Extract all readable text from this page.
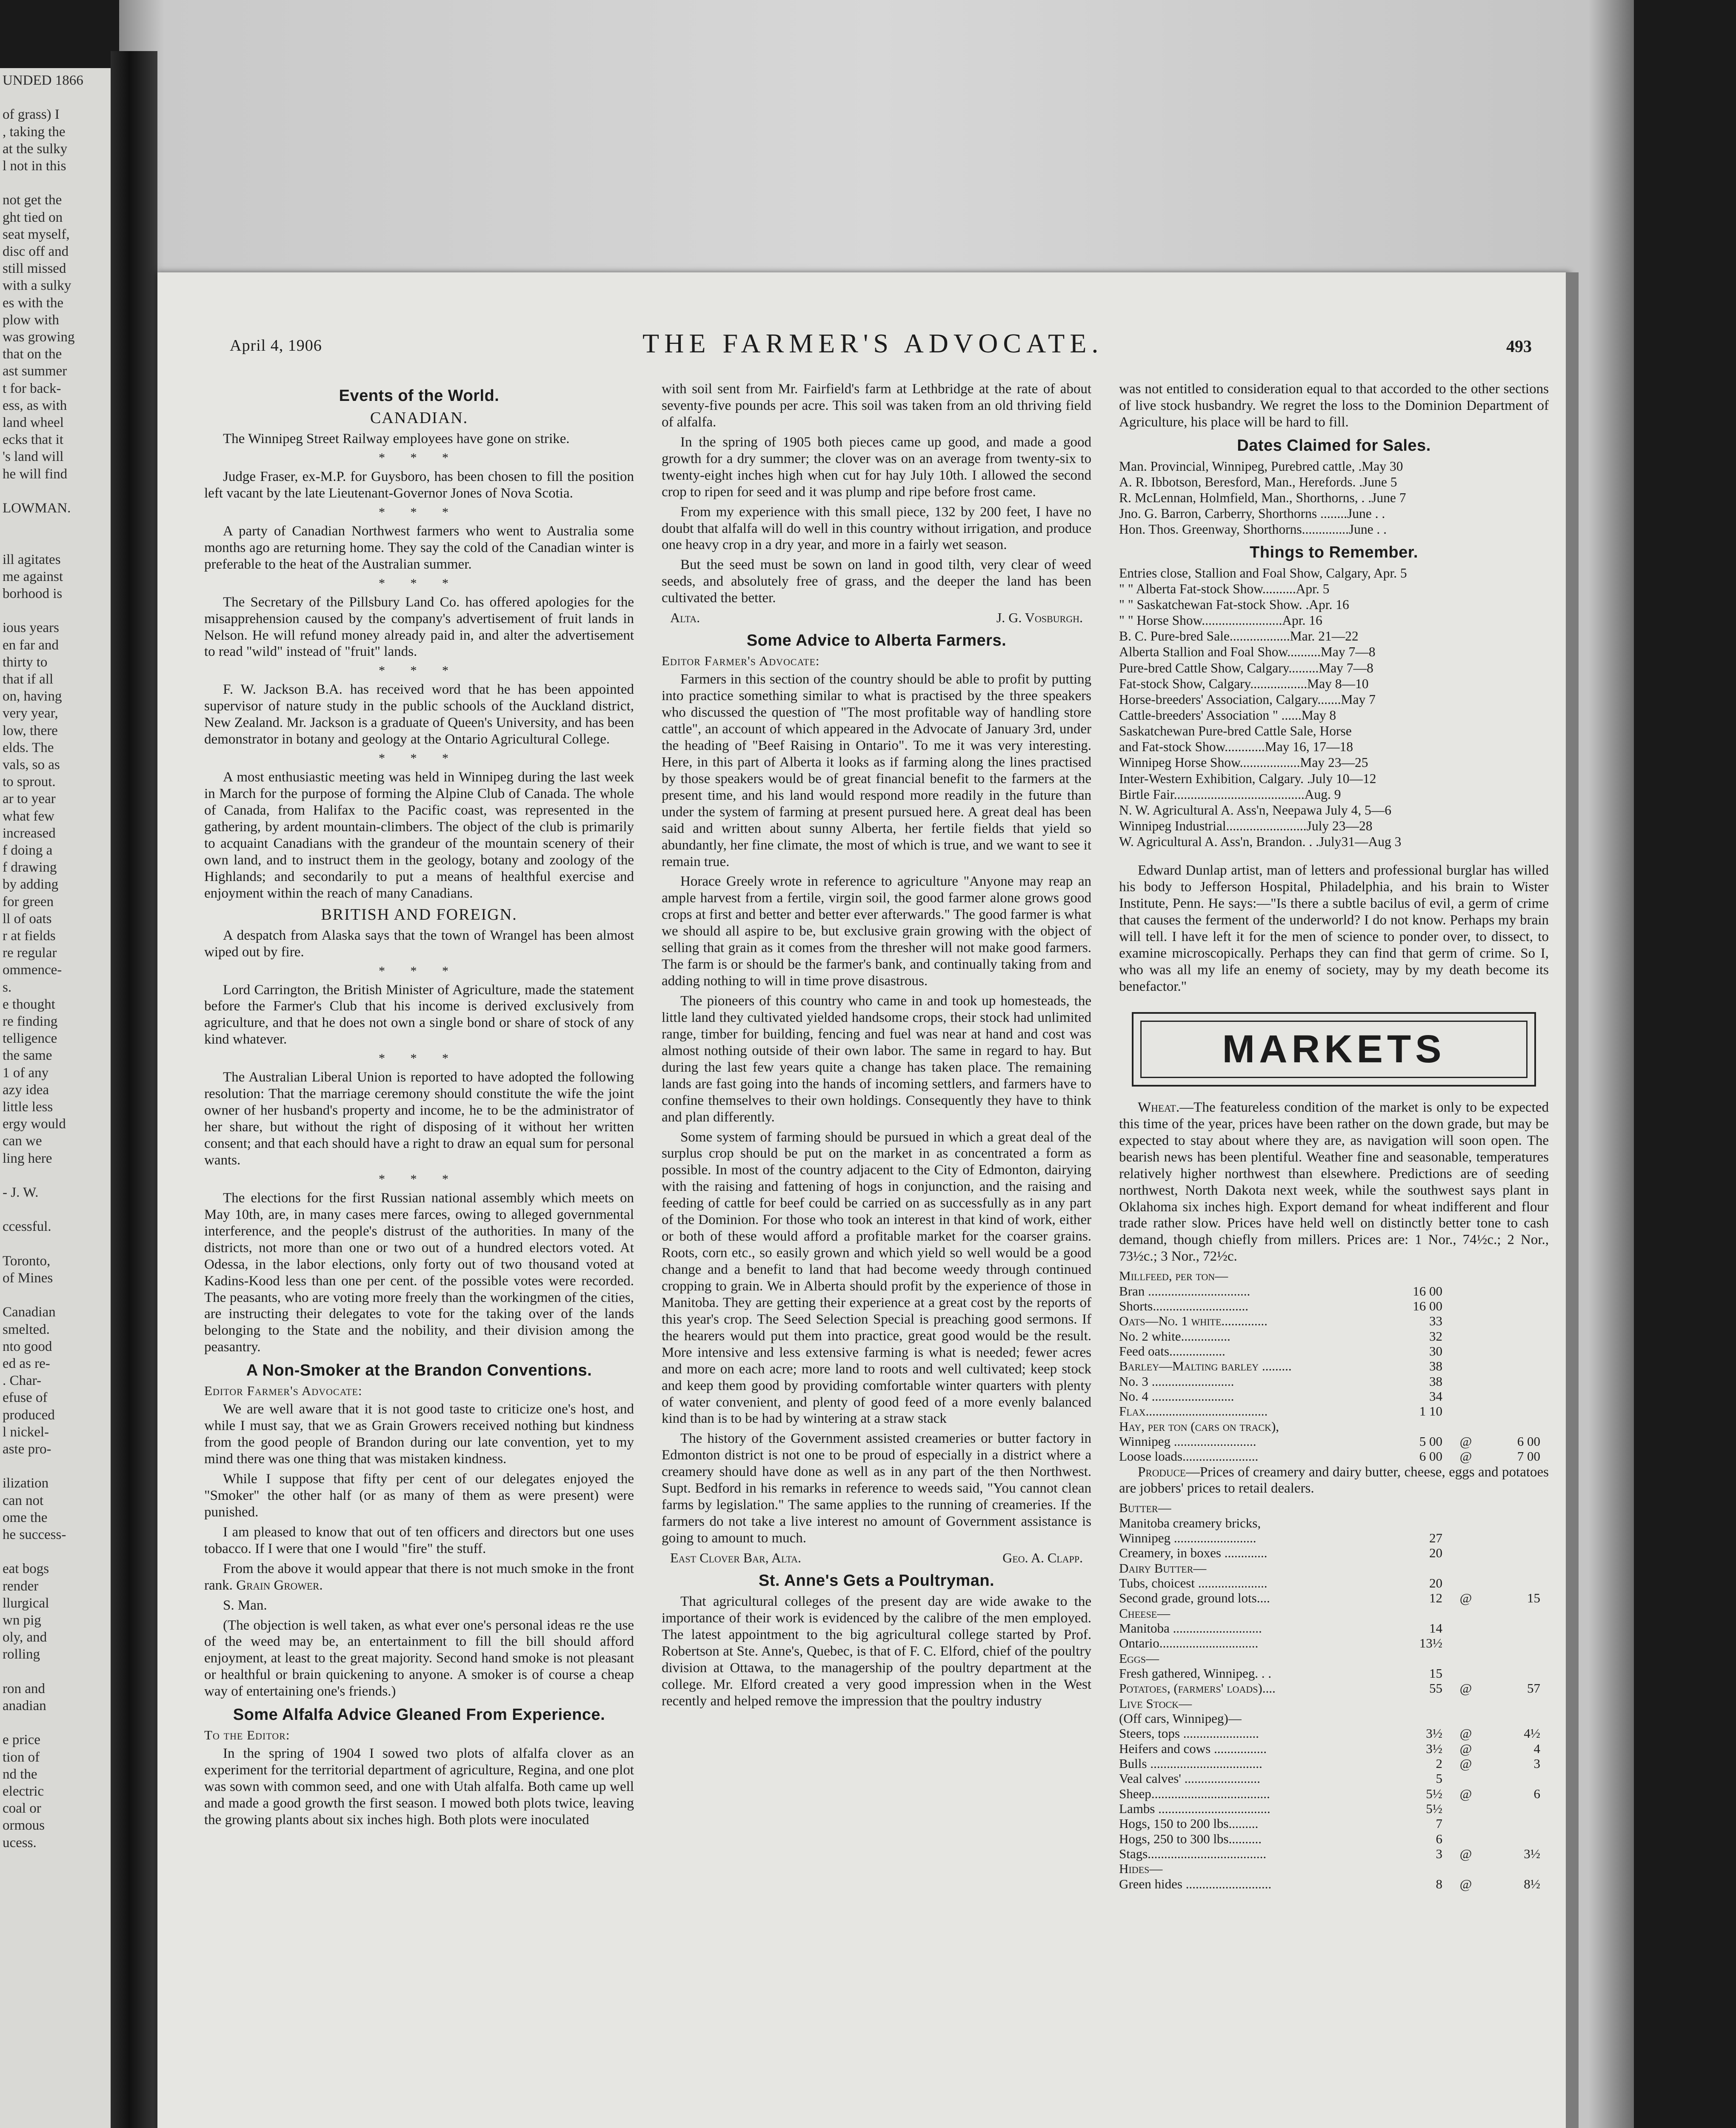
UNDED 1866
of grass) I
, taking the
at the sulky
l not in this
not get the
ght tied on
seat myself,
disc off and
still missed
with a sulky
es with the
plow with
was growing
that on the
ast summer
t for back-
ess, as with
land wheel
ecks that it
's land will
he will find
LOWMAN.
ill agitates
me against
borhood is
ious years
en far and
thirty to
that if all
on, having
very year,
low, there
elds. The
vals, so as
to sprout.
ar to year
what few
increased
f doing a
f drawing
by adding
for green
ll of oats
r at fields
re regular
ommence-
s.
e thought
re finding
telligence
the same
1 of any
azy idea
little less
ergy would
can we
ling here
- J. W.
ccessful.
Toronto,
of Mines
Canadian
smelted.
nto good
ed as re-
. Char-
efuse of
produced
l nickel-
aste pro-
ilization
can not
ome the
he success-
eat bogs
render
llurgical
wn pig
oly, and
rolling
ron and
anadian
e price
tion of
nd the
electric
coal or
ormous
ucess.
April 4, 1906	THE FARMER'S ADVOCATE.	493
Events of the World.
CANADIAN.

The Winnipeg Street Railway employees have gone on strike.

* * *

Judge Fraser, ex-M.P. for Guysboro, has been chosen to fill the position left vacant by the late Lieutenant-Governor Jones of Nova Scotia.

* * *

A party of Canadian Northwest farmers who went to Australia some months ago are returning home. They say the cold of the Canadian winter is preferable to the heat of the Australian summer.

* * *

The Secretary of the Pillsbury Land Co. has offered apologies for the misapprehension caused by the company's advertisement of fruit lands in Nelson. He will refund money already paid in, and alter the advertisement to read "wild" instead of "fruit" lands.

* * *

F. W. Jackson B.A. has received word that he has been appointed supervisor of nature study in the public schools of the Auckland district, New Zealand. Mr. Jackson is a graduate of Queen's University, and has been demonstrator in botany and geology at the Ontario Agricultural College.

* * *

A most enthusiastic meeting was held in Winnipeg during the last week in March for the purpose of forming the Alpine Club of Canada. The whole of Canada, from Halifax to the Pacific coast, was represented in the gathering, by ardent mountain-climbers. The object of the club is primarily to acquaint Canadians with the grandeur of the mountain scenery of their own land, and to instruct them in the geology, botany and zoology of the Highlands; and secondarily to put a means of healthful exercise and enjoyment within the reach of many Canadians.

BRITISH AND FOREIGN.

A despatch from Alaska says that the town of Wrangel has been almost wiped out by fire.

* * *

Lord Carrington, the British Minister of Agriculture, made the statement before the Farmer's Club that his income is derived exclusively from agriculture, and that he does not own a single bond or share of stock of any kind whatever.

* * *

The Australian Liberal Union is reported to have adopted the following resolution: That the marriage ceremony should constitute the wife the joint owner of her husband's property and income, he to be the administrator of her share, but without the right of disposing of it without her written consent; and that each should have a right to draw an equal sum for personal wants.

* * *

The elections for the first Russian national assembly which meets on May 10th, are, in many cases mere farces, owing to alleged governmental interference, and the people's distrust of the authorities. In many of the districts, not more than one or two out of a hundred electors voted. At Odessa, in the labor elections, only forty out of two thousand voted at Kadins-Kood less than one per cent. of the possible votes were recorded. The peasants, who are voting more freely than the workingmen of the cities, are instructing their delegates to vote for the taking over of the lands belonging to the State and the nobility, and their division among the peasantry.

A Non-Smoker at the Brandon Conventions.
Editor Farmer's Advocate:

We are well aware that it is not good taste to criticize one's host, and while I must say, that we as Grain Growers received nothing but kindness from the good people of Brandon during our late convention, yet to my mind there was one thing that was mistaken kindness.

While I suppose that fifty per cent of our delegates enjoyed the "Smoker" the other half (or as many of them as were present) were punished.

I am pleased to know that out of ten officers and directors but one uses tobacco. If I were that one I would "fire" the stuff.

From the above it would appear that there is not much smoke in the front rank. Grain Grower.

S. Man.

(The objection is well taken, as what ever one's personal ideas re the use of the weed may be, an entertainment to fill the bill should afford enjoyment, at least to the great majority. Second hand smoke is not pleasant or healthful or brain quickening to anyone. A smoker is of course a cheap way of entertaining one's friends.)

Some Alfalfa Advice Gleaned From Experience.
To the Editor:

In the spring of 1904 I sowed two plots of alfalfa clover as an experiment for the territorial department of agriculture, Regina, and one plot was sown with common seed, and one with Utah alfalfa. Both came up well and made a good growth the first season. I mowed both plots twice, leaving the growing plants about six inches high. Both plots were inoculated

with soil sent from Mr. Fairfield's farm at Lethbridge at the rate of about seventy-five pounds per acre. This soil was taken from an old thriving field of alfalfa.

In the spring of 1905 both pieces came up good, and made a good growth for a dry summer; the clover was on an average from twenty-six to twenty-eight inches high when cut for hay July 10th. I allowed the second crop to ripen for seed and it was plump and ripe before frost came.

From my experience with this small piece, 132 by 200 feet, I have no doubt that alfalfa will do well in this country without irrigation, and produce one heavy crop in a dry year, and more in a fairly wet season.

But the seed must be sown on land in good tilth, very clear of weed seeds, and absolutely free of grass, and the deeper the land has been cultivated the better.

Alta.	J. G. Vosburgh.
Some Advice to Alberta Farmers.
Editor Farmer's Advocate:

Farmers in this section of the country should be able to profit by putting into practice something similar to what is practised by the three speakers who discussed the question of "The most profitable way of handling store cattle", an account of which appeared in the Advocate of January 3rd, under the heading of "Beef Raising in Ontario". To me it was very interesting. Here, in this part of Alberta it looks as if farming along the lines practised by those speakers would be of great financial benefit to the farmers at the present time, and his land would respond more readily in the future than under the system of farming at present pursued here. A great deal has been said and written about sunny Alberta, her fertile fields that yield so abundantly, her fine climate, the most of which is true, and we want to see it remain true.

Horace Greely wrote in reference to agriculture "Anyone may reap an ample harvest from a fertile, virgin soil, the good farmer alone grows good crops at first and better and better ever afterwards." The good farmer is what we should all aspire to be, but exclusive grain growing with the object of selling that grain as it comes from the thresher will not make good farmers. The farm is or should be the farmer's bank, and continually taking from and adding nothing to will in time prove disastrous.

The pioneers of this country who came in and took up homesteads, the little land they cultivated yielded handsome crops, their stock had unlimited range, timber for building, fencing and fuel was near at hand and cost was almost nothing outside of their own labor. The same in regard to hay. But during the last few years quite a change has taken place. The remaining lands are fast going into the hands of incoming settlers, and farmers have to confine themselves to their own holdings. Consequently they have to think and plan differently.

Some system of farming should be pursued in which a great deal of the surplus crop should be put on the market in as concentrated a form as possible. In most of the country adjacent to the City of Edmonton, dairying with the raising and fattening of hogs in conjunction, and the raising and feeding of cattle for beef could be carried on as successfully as in any part of the Dominion. For those who took an interest in that kind of work, either or both of these would afford a profitable market for the coarser grains. Roots, corn etc., so easily grown and which yield so well would be a good change and a benefit to land that had become weedy through continued cropping to grain. We in Alberta should profit by the experience of those in Manitoba. They are getting their experience at a great cost by the reports of this year's crop. The Seed Selection Special is preaching good sermons. If the hearers would put them into practice, great good would be the result. More intensive and less extensive farming is what is needed; fewer acres and more on each acre; more land to roots and well cultivated; keep stock and keep them good by providing comfortable winter quarters with plenty of water convenient, and plenty of good feed of a more evenly balanced kind than is to be had by wintering at a straw stack

The history of the Government assisted creameries or butter factory in Edmonton district is not one to be proud of especially in a district where a creamery should have done as well as in any part of the then Northwest. Supt. Bedford in his remarks in reference to weeds said, "You cannot clean farms by legislation." The same applies to the running of creameries. If the farmers do not take a live interest no amount of Government assistance is going to amount to much.

East Clover Bar, Alta.	Geo. A. Clapp.
St. Anne's Gets a Poultryman.

That agricultural colleges of the present day are wide awake to the importance of their work is evidenced by the calibre of the men employed. The latest appointment to the big agricultural college started by Prof. Robertson at Ste. Anne's, Quebec, is that of F. C. Elford, chief of the poultry division at Ottawa, to the managership of the poultry department at the college. Mr. Elford created a very good impression when in the West recently and helped remove the impression that the poultry industry

was not entitled to consideration equal to that accorded to the other sections of live stock husbandry. We regret the loss to the Dominion Department of Agriculture, his place will be hard to fill.

Dates Claimed for Sales.
Man. Provincial, Winnipeg, Purebred cattle, .May 30
A. R. Ibbotson, Beresford, Man., Herefords. .June 5
R. McLennan, Holmfield, Man., Shorthorns, . .June 7
Jno. G. Barron, Carberry, Shorthorns ........June . .
Hon. Thos. Greenway, Shorthorns..............June . .
Things to Remember.
Entries close, Stallion and Foal Show, Calgary, Apr. 5
" " Alberta Fat-stock Show..........Apr. 5
" " Saskatchewan Fat-stock Show. .Apr. 16
" " Horse Show........................Apr. 16
B. C. Pure-bred Sale..................Mar. 21—22
Alberta Stallion and Foal Show..........May 7—8
Pure-bred Cattle Show, Calgary.........May 7—8
Fat-stock Show, Calgary.................May 8—10
Horse-breeders' Association, Calgary.......May 7
Cattle-breeders' Association " ......May 8
Saskatchewan Pure-bred Cattle Sale, Horse
and Fat-stock Show............May 16, 17—18
Winnipeg Horse Show..................May 23—25
Inter-Western Exhibition, Calgary. .July 10—12
Birtle Fair.......................................Aug. 9
N. W. Agricultural A. Ass'n, Neepawa July 4, 5—6
Winnipeg Industrial........................July 23—28
W. Agricultural A. Ass'n, Brandon. . .July31—Aug 3

Edward Dunlap artist, man of letters and professional burglar has willed his body to Jefferson Hospital, Philadelphia, and his brain to Wister Institute, Penn. He says:—"Is there a subtle bacilus of evil, a germ of crime that causes the ferment of the underworld? I do not know. Perhaps my brain will tell. I have left it for the men of science to ponder over, to dissect, to examine microscopically. Perhaps they can find that germ of crime. So I, who was all my life an enemy of society, may by my death become its benefactor."

MARKETS

Wheat.—The featureless condition of the market is only to be expected this time of the year, prices have been rather on the down grade, but may be expected to stay about where they are, as navigation will soon open. The bearish news has been plentiful. Weather fine and seasonable, temperatures relatively higher northwest than elsewhere. Predictions are of seeding northwest, North Dakota next week, while the southwest says plant in Oklahoma six inches high. Export demand for wheat indifferent and flour trade rather slow. Prices have held well on distinctly better tone to cash demand, though chiefly from millers. Prices are: 1 Nor., 74½c.; 2 Nor., 73½c.; 3 Nor., 72½c.

Millfeed, per ton—			
Bran ...............................	16 00		
Shorts.............................	16 00		
Oats—No. 1 white..............	33		
No. 2 white...............	32		
Feed oats.................	30		
Barley—Malting barley .........	38		
No. 3 .........................	38		
No. 4 .........................	34		
Flax.....................................	1 10		
Hay, per ton (cars on track),			
Winnipeg .........................	5 00	@	6 00
Loose loads.......................	6 00	@	7 00

Produce—Prices of creamery and dairy butter, cheese, eggs and potatoes are jobbers' prices to retail dealers.

Butter—			
Manitoba creamery bricks,			
Winnipeg .........................	27		
Creamery, in boxes .............	20		
Dairy Butter—			
Tubs, choicest .....................	20		
Second grade, ground lots....	12	@	15
Cheese—			
Manitoba ...........................	14		
Ontario..............................	13½		
Eggs—			
Fresh gathered, Winnipeg. . .	15		
Potatoes, (farmers' loads)....	55	@	57
Live Stock—			
(Off cars, Winnipeg)—			
Steers, tops .......................	3½	@	4½
Heifers and cows ................	3½	@	4
Bulls ..................................	2	@	3
Veal calves' .......................	5		
Sheep....................................	5½	@	6
Lambs ..................................	5½		
Hogs, 150 to 200 lbs.........	7		
Hogs, 250 to 300 lbs..........	6		
Stags....................................	3	@	3½
Hides—			
Green hides ..........................	8	@	8½
